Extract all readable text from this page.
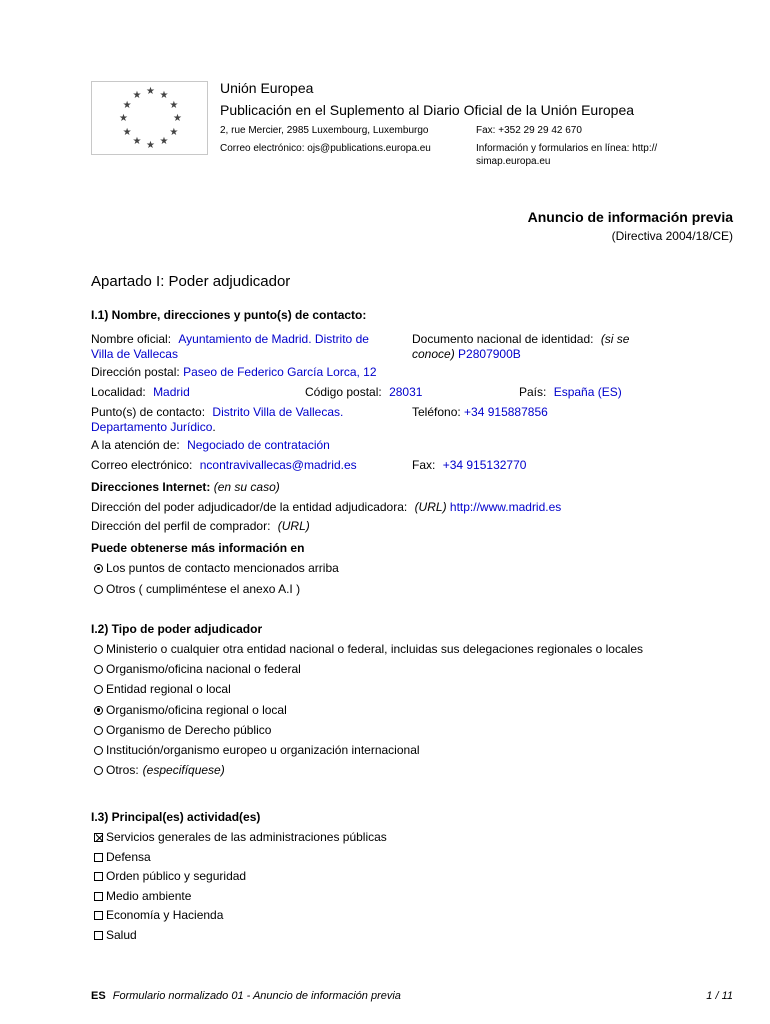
★ ★
★
★
★
★
★
★
★
★
★
★	Unión Europea
Publicación en el Suplemento al Diario Oficial de la Unión Europea
2, rue Mercier, 2985 Luxembourg, Luxemburgo	Fax: +352 29 29 42 670
Correo electrónico: ojs@publications.europa.eu	Información y formularios en línea: http://
simap.europa.eu
Anuncio de información previa
(Directiva 2004/18/CE)
Apartado I: Poder adjudicador
I.1) Nombre, direcciones y punto(s) de contacto:
Nombre oficial: Ayuntamiento de Madrid. Distrito de
Villa de Vallecas
Documento nacional de identidad: (si se
conoce) P2807900B
Dirección postal: Paseo de Federico García Lorca, 12
Localidad: Madrid	Código postal: 28031	País: España (ES)
Punto(s) de contacto: Distrito Villa de Vallecas.
Departamento Jurídico.
Teléfono: +34 915887856
A la atención de: Negociado de contratación
Correo electrónico: ncontravivallecas@madrid.es	Fax: +34 915132770
Direcciones Internet: (en su caso)
Dirección del poder adjudicador/de la entidad adjudicadora: (URL) http://www.madrid.es
Dirección del perfil de comprador: (URL)
Puede obtenerse más información en
Los puntos de contacto mencionados arriba
Otros ( cumpliméntese el anexo A.I )
I.2) Tipo de poder adjudicador
Ministerio o cualquier otra entidad nacional o federal, incluidas sus delegaciones regionales o locales
Organismo/oficina nacional o federal
Entidad regional o local
Organismo/oficina regional o local
Organismo de Derecho público
Institución/organismo europeo u organización internacional
Otros: (especifíquese)
I.3) Principal(es) actividad(es)
Servicios generales de las administraciones públicas
Defensa
Orden público y seguridad
Medio ambiente
Economía y Hacienda
Salud
ES Formulario normalizado 01 - Anuncio de información previa	1 / 11
